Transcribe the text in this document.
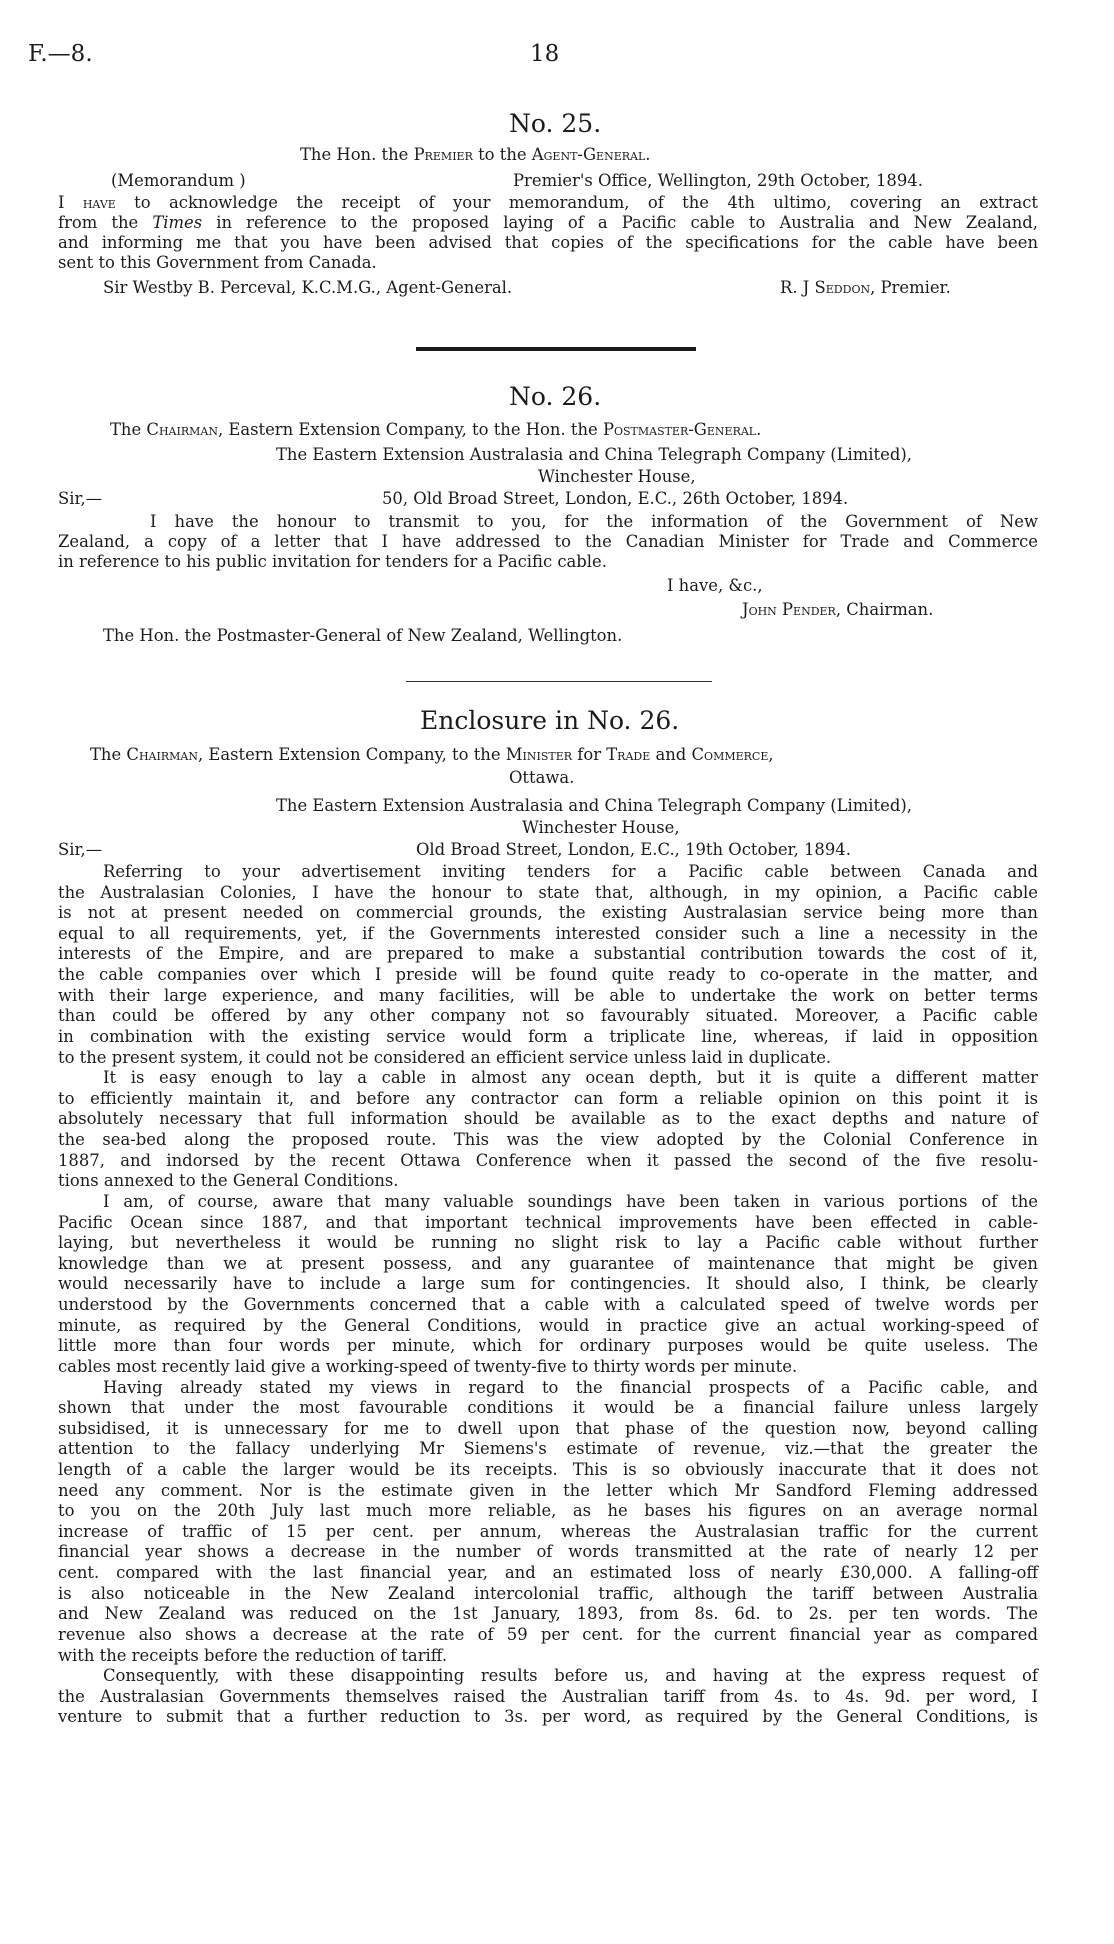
F.—8.	18
No. 25.
The Hon. the Premier to the Agent-General.
(Memorandum )	Premier's Office, Wellington, 29th October, 1894.
I have to acknowledge the receipt of your memorandum, of the 4th ultimo, covering an extract
from the Times in reference to the proposed laying of a Pacific cable to Australia and New Zealand,
and informing me that you have been advised that copies of the specifications for the cable have been
sent to this Government from Canada.
Sir Westby B. Perceval, K.C.M.G., Agent-General.	R. J Seddon, Premier.
No. 26.
The Chairman, Eastern Extension Company, to the Hon. the Postmaster-General.
The Eastern Extension Australasia and China Telegraph Company (Limited),
Winchester House,
Sir,—	50, Old Broad Street, London, E.C., 26th October, 1894.
I have the honour to transmit to you, for the information of the Government of New
Zealand, a copy of a letter that I have addressed to the Canadian Minister for Trade and Commerce
in reference to his public invitation for tenders for a Pacific cable.
I have, &c.,
John Pender, Chairman.
The Hon. the Postmaster-General of New Zealand, Wellington.
Enclosure in No. 26.
The Chairman, Eastern Extension Company, to the Minister for Trade and Commerce,
Ottawa.
The Eastern Extension Australasia and China Telegraph Company (Limited),
Winchester House,
Sir,—	Old Broad Street, London, E.C., 19th October, 1894.
Referring to your advertisement inviting tenders for a Pacific cable between Canada and
the Australasian Colonies, I have the honour to state that, although, in my opinion, a Pacific cable
is not at present needed on commercial grounds, the existing Australasian service being more than
equal to all requirements, yet, if the Governments interested consider such a line a necessity in the
interests of the Empire, and are prepared to make a substantial contribution towards the cost of it,
the cable companies over which I preside will be found quite ready to co-operate in the matter, and
with their large experience, and many facilities, will be able to undertake the work on better terms
than could be offered by any other company not so favourably situated. Moreover, a Pacific cable
in combination with the existing service would form a triplicate line, whereas, if laid in opposition
to the present system, it could not be considered an efficient service unless laid in duplicate.
It is easy enough to lay a cable in almost any ocean depth, but it is quite a different matter
to efficiently maintain it, and before any contractor can form a reliable opinion on this point it is
absolutely necessary that full information should be available as to the exact depths and nature of
the sea-bed along the proposed route. This was the view adopted by the Colonial Conference in
1887, and indorsed by the recent Ottawa Conference when it passed the second of the five resolu-
tions annexed to the General Conditions.
I am, of course, aware that many valuable soundings have been taken in various portions of the
Pacific Ocean since 1887, and that important technical improvements have been effected in cable-
laying, but nevertheless it would be running no slight risk to lay a Pacific cable without further
knowledge than we at present possess, and any guarantee of maintenance that might be given
would necessarily have to include a large sum for contingencies. It should also, I think, be clearly
understood by the Governments concerned that a cable with a calculated speed of twelve words per
minute, as required by the General Conditions, would in practice give an actual working-speed of
little more than four words per minute, which for ordinary purposes would be quite useless. The
cables most recently laid give a working-speed of twenty-five to thirty words per minute.
Having already stated my views in regard to the financial prospects of a Pacific cable, and
shown that under the most favourable conditions it would be a financial failure unless largely
subsidised, it is unnecessary for me to dwell upon that phase of the question now, beyond calling
attention to the fallacy underlying Mr Siemens's estimate of revenue, viz.—that the greater the
length of a cable the larger would be its receipts. This is so obviously inaccurate that it does not
need any comment. Nor is the estimate given in the letter which Mr Sandford Fleming addressed
to you on the 20th July last much more reliable, as he bases his figures on an average normal
increase of traffic of 15 per cent. per annum, whereas the Australasian traffic for the current
financial year shows a decrease in the number of words transmitted at the rate of nearly 12 per
cent. compared with the last financial year, and an estimated loss of nearly £30,000. A falling-off
is also noticeable in the New Zealand intercolonial traffic, although the tariff between Australia
and New Zealand was reduced on the 1st January, 1893, from 8s. 6d. to 2s. per ten words. The
revenue also shows a decrease at the rate of 59 per cent. for the current financial year as compared
with the receipts before the reduction of tariff.
Consequently, with these disappointing results before us, and having at the express request of
the Australasian Governments themselves raised the Australian tariff from 4s. to 4s. 9d. per word, I
venture to submit that a further reduction to 3s. per word, as required by the General Conditions, is
